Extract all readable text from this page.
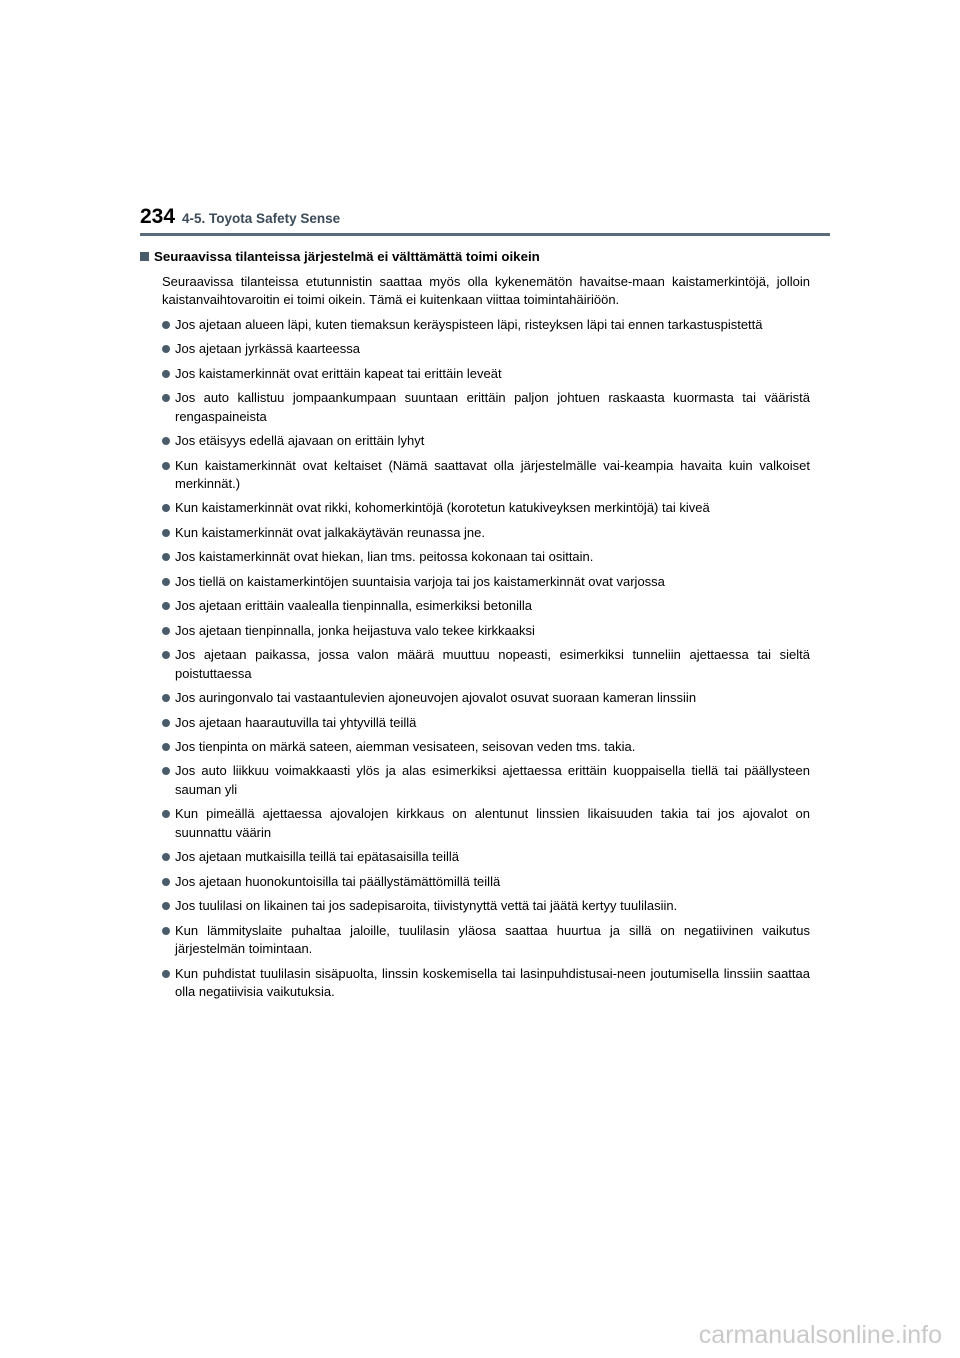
234 4-5. Toyota Safety Sense
Seuraavissa tilanteissa järjestelmä ei välttämättä toimi oikein

Seuraavissa tilanteissa etutunnistin saattaa myös olla kykenemätön havaitse-maan kaistamerkintöjä, jolloin kaistanvaihtovaroitin ei toimi oikein. Tämä ei kuitenkaan viittaa toimintahäiriöön.

Jos ajetaan alueen läpi, kuten tiemaksun keräyspisteen läpi, risteyksen läpi tai ennen tarkastuspistettä
Jos ajetaan jyrkässä kaarteessa
Jos kaistamerkinnät ovat erittäin kapeat tai erittäin leveät
Jos auto kallistuu jompaankumpaan suuntaan erittäin paljon johtuen raskaasta kuormasta tai vääristä rengaspaineista
Jos etäisyys edellä ajavaan on erittäin lyhyt
Kun kaistamerkinnät ovat keltaiset (Nämä saattavat olla järjestelmälle vai-keampia havaita kuin valkoiset merkinnät.)
Kun kaistamerkinnät ovat rikki, kohomerkintöjä (korotetun katukiveyksen merkintöjä) tai kiveä
Kun kaistamerkinnät ovat jalkakäytävän reunassa jne.
Jos kaistamerkinnät ovat hiekan, lian tms. peitossa kokonaan tai osittain.
Jos tiellä on kaistamerkintöjen suuntaisia varjoja tai jos kaistamerkinnät ovat varjossa
Jos ajetaan erittäin vaalealla tienpinnalla, esimerkiksi betonilla
Jos ajetaan tienpinnalla, jonka heijastuva valo tekee kirkkaaksi
Jos ajetaan paikassa, jossa valon määrä muuttuu nopeasti, esimerkiksi tunneliin ajettaessa tai sieltä poistuttaessa
Jos auringonvalo tai vastaantulevien ajoneuvojen ajovalot osuvat suoraan kameran linssiin
Jos ajetaan haarautuvilla tai yhtyvillä teillä
Jos tienpinta on märkä sateen, aiemman vesisateen, seisovan veden tms. takia.
Jos auto liikkuu voimakkaasti ylös ja alas esimerkiksi ajettaessa erittäin kuoppaisella tiellä tai päällysteen sauman yli
Kun pimeällä ajettaessa ajovalojen kirkkaus on alentunut linssien likaisuuden takia tai jos ajovalot on suunnattu väärin
Jos ajetaan mutkaisilla teillä tai epätasaisilla teillä
Jos ajetaan huonokuntoisilla tai päällystämättömillä teillä
Jos tuulilasi on likainen tai jos sadepisaroita, tiivistynyttä vettä tai jäätä kertyy tuulilasiin.
Kun lämmityslaite puhaltaa jaloille, tuulilasin yläosa saattaa huurtua ja sillä on negatiivinen vaikutus järjestelmän toimintaan.
Kun puhdistat tuulilasin sisäpuolta, linssin koskemisella tai lasinpuhdistusai-neen joutumisella linssiin saattaa olla negatiivisia vaikutuksia.
carmanualsonline.info
